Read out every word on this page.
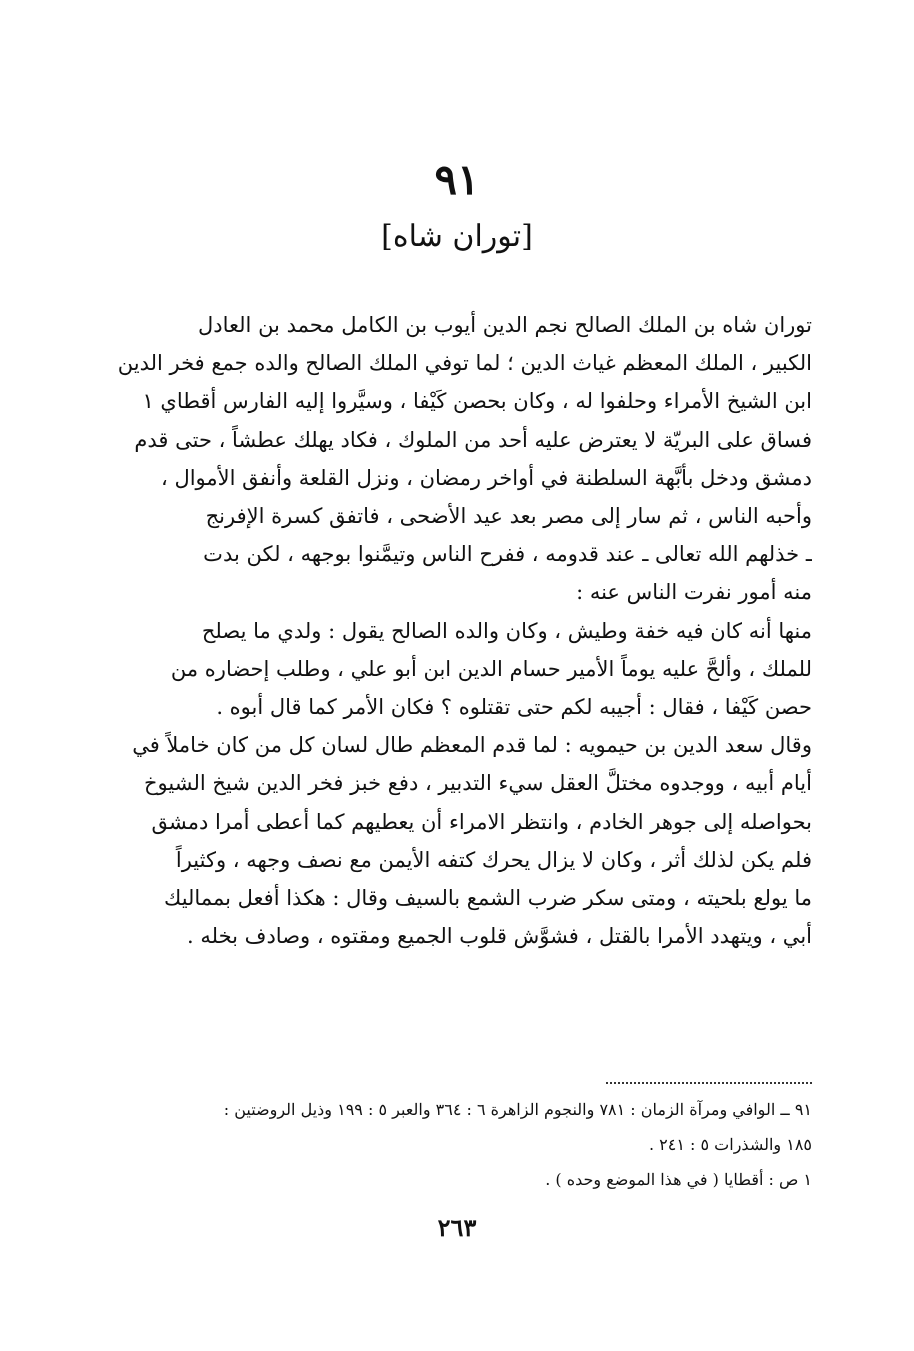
٩١
[توران شاه]
توران شاه بن الملك الصالح نجم الدين أيوب بن الكامل محمد بن العادل
الكبير ، الملك المعظم غياث الدين ؛ لما توفي الملك الصالح والده جمع فخر الدين
ابن الشيخ الأمراء وحلفوا له ، وكان بحصن كَيْفا ، وسيَّروا إليه الفارس أقطاي ١
فساق على البريّة لا يعترض عليه أحد من الملوك ، فكاد يهلك عطشاً ، حتى قدم
دمشق ودخل بأبَّهة السلطنة في أواخر رمضان ، ونزل القلعة وأنفق الأموال ،
وأحبه الناس ، ثم سار إلى مصر بعد عيد الأضحى ، فاتفق كسرة الإفرنج
ـ خذلهم الله تعالى ـ عند قدومه ، ففرح الناس وتيمَّنوا بوجهه ، لكن بدت
منه أمور نفرت الناس عنه :
منها أنه كان فيه خفة وطيش ، وكان والده الصالح يقول : ولدي ما يصلح
للملك ، وألحَّ عليه يوماً الأمير حسام الدين ابن أبو علي ، وطلب إحضاره من
حصن كَيْفا ، فقال : أجيبه لكم حتى تقتلوه ؟ فكان الأمر كما قال أبوه .
وقال سعد الدين بن حيمويه : لما قدم المعظم طال لسان كل من كان خاملاً في
أيام أبيه ، ووجدوه مختلَّ العقل سيء التدبير ، دفع خبز فخر الدين شيخ الشيوخ
بحواصله إلى جوهر الخادم ، وانتظر الامراء أن يعطيهم كما أعطى أمرا دمشق
فلم يكن لذلك أثر ، وكان لا يزال يحرك كتفه الأيمن مع نصف وجهه ، وكثيراً
ما يولع بلحيته ، ومتى سكر ضرب الشمع بالسيف وقال : هكذا أفعل بمماليك
أبي ، ويتهدد الأمرا بالقتل ، فشوَّش قلوب الجميع ومقتوه ، وصادف بخله .
٩١ ــ الوافي ومرآة الزمان : ٧٨١ والنجوم الزاهرة ٦ : ٣٦٤ والعبر ٥ : ١٩٩ وذيل الروضتين :
١٨٥ والشذرات ٥ : ٢٤١ .
١ ص : أقطايا ( في هذا الموضع وحده ) .
٢٦٣
